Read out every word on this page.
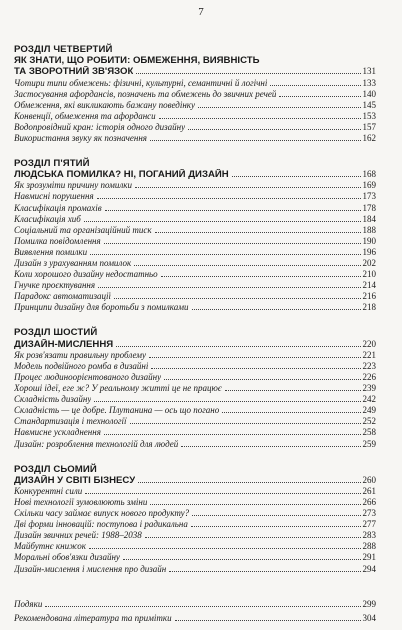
7
РОЗДІЛ ЧЕТВЕРТИЙ
ЯК ЗНАТИ, ЩО РОБИТИ: ОБМЕЖЕННЯ, ВИЯВНІСТЬ
ТА ЗВОРОТНИЙ ЗВ'ЯЗОК	131
Чотири типи обмежень: фізичні, культурні, семантичні й логічні	133
Застосування афордансів, позначень та обмежень до звичних речей	140
Обмеження, які викликають бажану поведінку	145
Конвенції, обмеження та афорданси	153
Водопровідний кран: історія одного дизайну	157
Використання звуку як позначення	162
РОЗДІЛ П'ЯТИЙ
ЛЮДСЬКА ПОМИЛКА? НІ, ПОГАНИЙ ДИЗАЙН	168
Як зрозуміти причину помилки	169
Навмисні порушення	173
Класифікація промахів	178
Класифікація хиб	184
Соціальний та організаційний тиск	188
Помилка повідомлення	190
Виявлення помилки	196
Дизайн з урахуванням помилок	202
Коли хорошого дизайну недостатньо	210
Гнучке проєктування	214
Парадокс автоматизації	216
Принципи дизайну для боротьби з помилками	218
РОЗДІЛ ШОСТИЙ
ДИЗАЙН-МИСЛЕННЯ	220
Як розв'язати правильну проблему	221
Модель подвійного ромба в дизайні	223
Процес людиноорієнтованого дизайну	226
Хороші ідеї, еге ж? У реальному житті це не працює	239
Складність дизайну	242
Складність — це добре. Плутанина — ось що погано	249
Стандартизація і технології	252
Навмисне ускладнення	258
Дизайн: розроблення технологій для людей	259
РОЗДІЛ СЬОМИЙ
ДИЗАЙН У СВІТІ БІЗНЕСУ	260
Конкурентні сили	261
Нові технології зумовлюють зміни	266
Скільки часу займає випуск нового продукту?	273
Дві форми інновацій: поступова і радикальна	277
Дизайн звичних речей: 1988–2038	283
Майбутнє книжок	288
Моральні обов'язки дизайну	291
Дизайн-мислення і мислення про дизайн	294
Подяки	299
Рекомендована література та примітки	304
